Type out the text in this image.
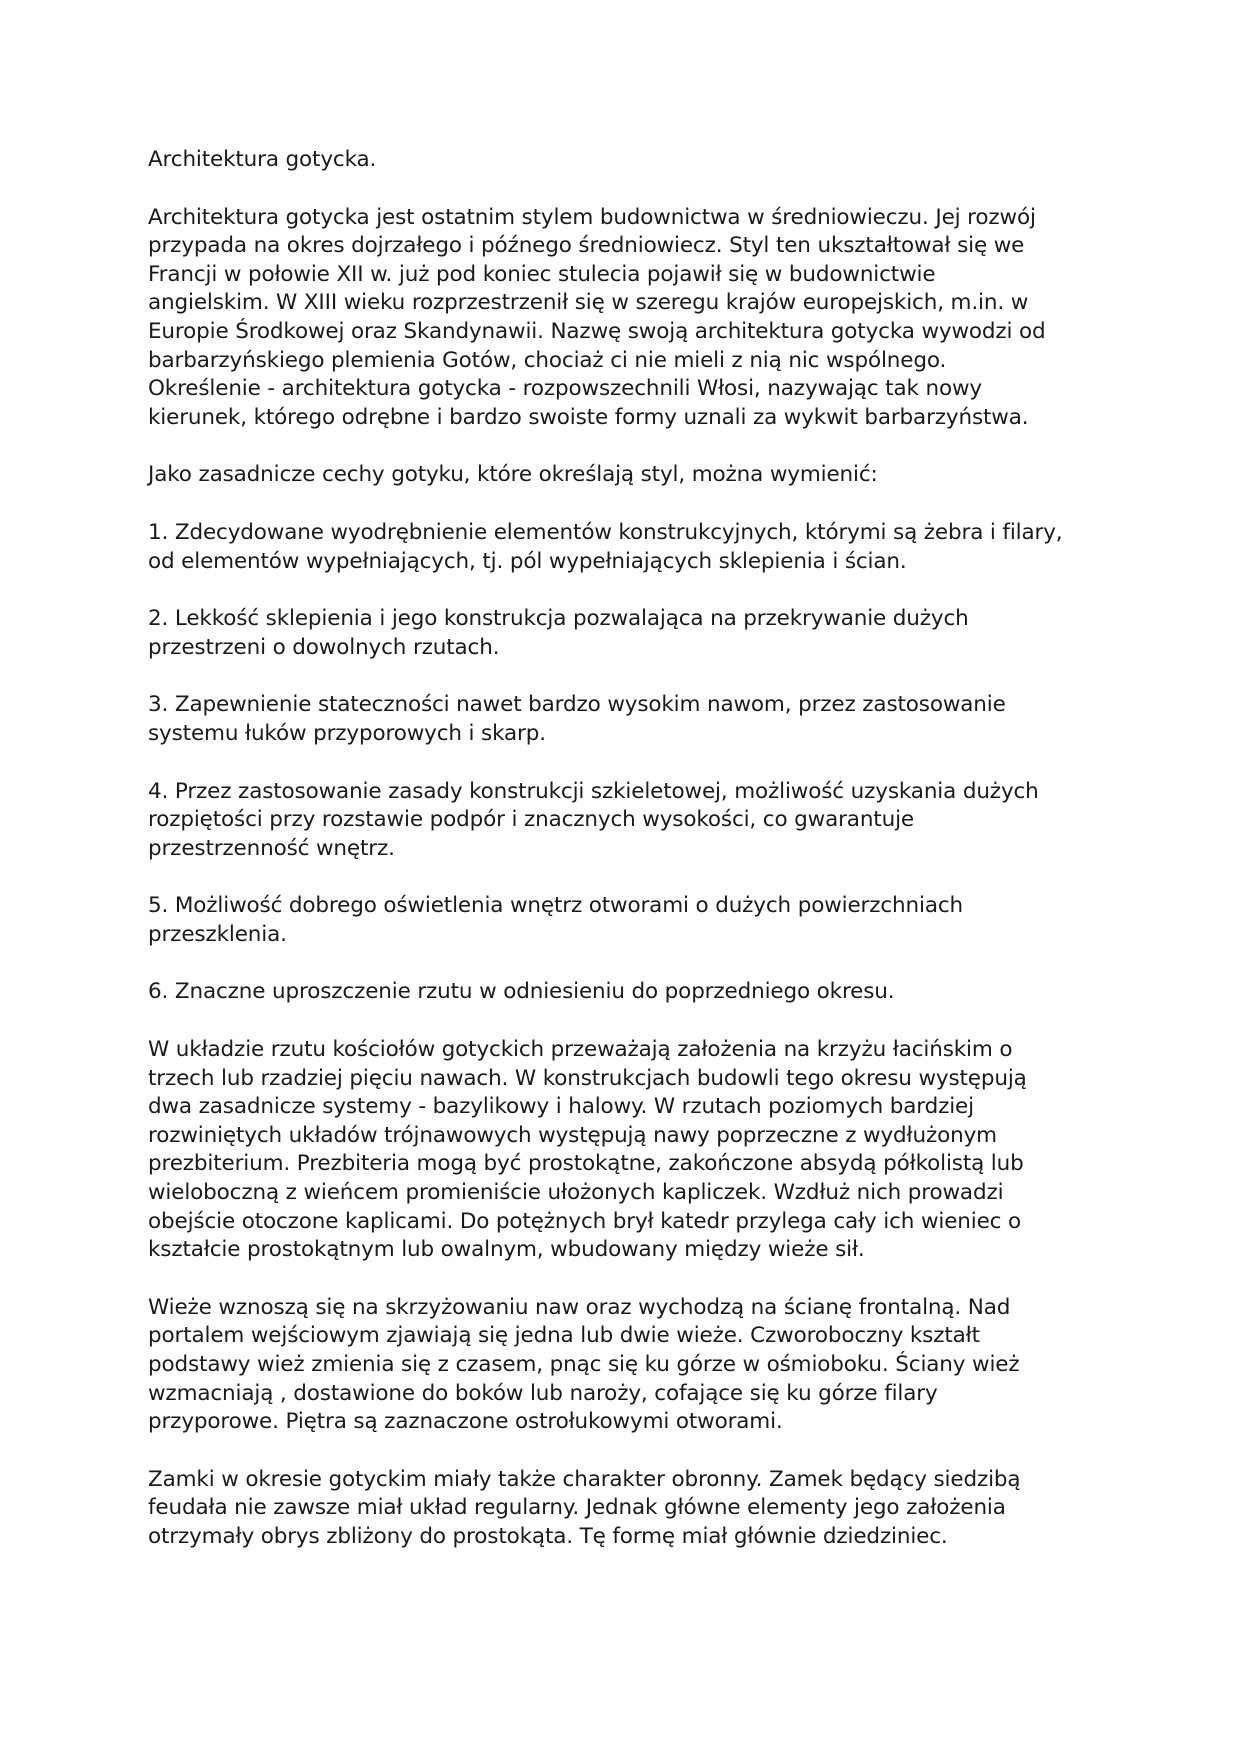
Architektura gotycka.

Architektura gotycka jest ostatnim stylem budownictwa w średniowieczu. Jej rozwój
przypada na okres dojrzałego i późnego średniowiecz. Styl ten ukształtował się we
Francji w połowie XII w. już pod koniec stulecia pojawił się w budownictwie
angielskim. W XIII wieku rozprzestrzenił się w szeregu krajów europejskich, m.in. w
Europie Środkowej oraz Skandynawii. Nazwę swoją architektura gotycka wywodzi od
barbarzyńskiego plemienia Gotów, chociaż ci nie mieli z nią nic wspólnego.
Określenie - architektura gotycka - rozpowszechnili Włosi, nazywając tak nowy
kierunek, którego odrębne i bardzo swoiste formy uznali za wykwit barbarzyństwa.

Jako zasadnicze cechy gotyku, które określają styl, można wymienić:

1. Zdecydowane wyodrębnienie elementów konstrukcyjnych, którymi są żebra i filary,
od elementów wypełniających, tj. pól wypełniających sklepienia i ścian.

2. Lekkość sklepienia i jego konstrukcja pozwalająca na przekrywanie dużych
przestrzeni o dowolnych rzutach.

3. Zapewnienie stateczności nawet bardzo wysokim nawom, przez zastosowanie
systemu łuków przyporowych i skarp.

4. Przez zastosowanie zasady konstrukcji szkieletowej, możliwość uzyskania dużych
rozpiętości przy rozstawie podpór i znacznych wysokości, co gwarantuje
przestrzenność wnętrz.

5. Możliwość dobrego oświetlenia wnętrz otworami o dużych powierzchniach
przeszklenia.

6. Znaczne uproszczenie rzutu w odniesieniu do poprzedniego okresu.

W układzie rzutu kościołów gotyckich przeważają założenia na krzyżu łacińskim o
trzech lub rzadziej pięciu nawach. W konstrukcjach budowli tego okresu występują
dwa zasadnicze systemy - bazylikowy i halowy. W rzutach poziomych bardziej
rozwiniętych układów trójnawowych występują nawy poprzeczne z wydłużonym
prezbiterium. Prezbiteria mogą być prostokątne, zakończone absydą półkolistą lub
wieloboczną z wieńcem promieniście ułożonych kapliczek. Wzdłuż nich prowadzi
obejście otoczone kaplicami. Do potężnych brył katedr przylega cały ich wieniec o
kształcie prostokątnym lub owalnym, wbudowany między wieże sił.

Wieże wznoszą się na skrzyżowaniu naw oraz wychodzą na ścianę frontalną. Nad
portalem wejściowym zjawiają się jedna lub dwie wieże. Czworoboczny kształt
podstawy wież zmienia się z czasem, pnąc się ku górze w ośmioboku. Ściany wież
wzmacniają , dostawione do boków lub naroży, cofające się ku górze filary
przyporowe. Piętra są zaznaczone ostrołukowymi otworami.

Zamki w okresie gotyckim miały także charakter obronny. Zamek będący siedzibą
feudała nie zawsze miał układ regularny. Jednak główne elementy jego założenia
otrzymały obrys zbliżony do prostokąta. Tę formę miał głównie dziedziniec.
